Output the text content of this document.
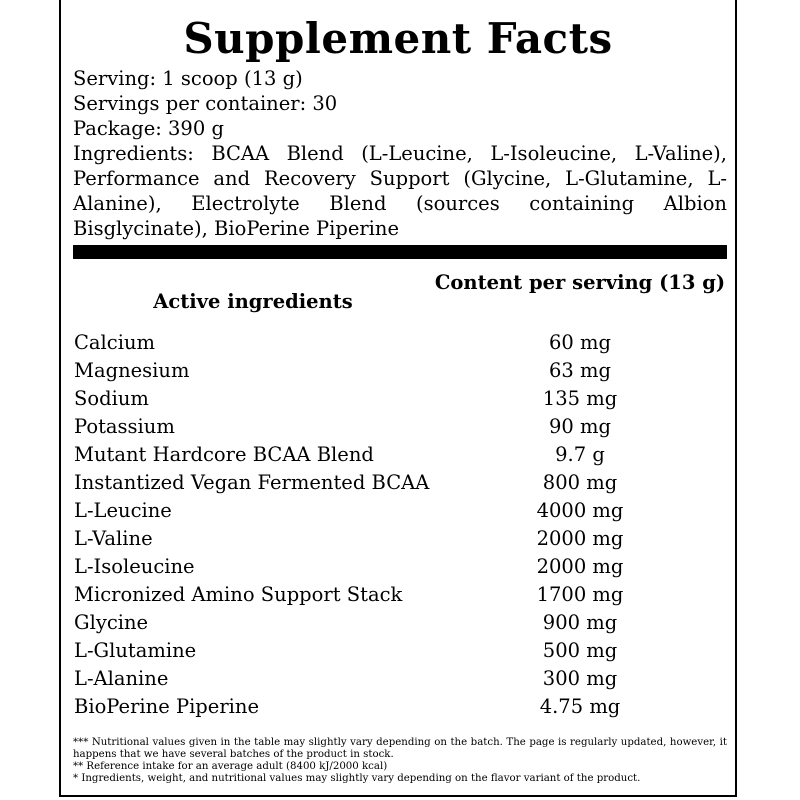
Supplement Facts
Serving: 1 scoop (13 g)
Servings per container: 30
Package: 390 g
Ingredients: BCAA Blend (L-Leucine, L-Isoleucine, L-Valine), Performance and Recovery Support (Glycine, L-Glutamine, L-Alanine), Electrolyte Blend (sources containing Albion Bisglycinate), BioPerine Piperine
Active ingredients
Content per serving (13 g)
Calcium	60 mg
Magnesium	63 mg
Sodium	135 mg
Potassium	90 mg
Mutant Hardcore BCAA Blend	9.7 g
Instantized Vegan Fermented BCAA	800 mg
L-Leucine	4000 mg
L-Valine	2000 mg
L-Isoleucine	2000 mg
Micronized Amino Support Stack	1700 mg
Glycine	900 mg
L-Glutamine	500 mg
L-Alanine	300 mg
BioPerine Piperine	4.75 mg
*** Nutritional values given in the table may slightly vary depending on the batch. The page is regularly updated, however, it happens that we have several batches of the product in stock.
** Reference intake for an average adult (8400 kJ/2000 kcal)
* Ingredients, weight, and nutritional values may slightly vary depending on the flavor variant of the product.
